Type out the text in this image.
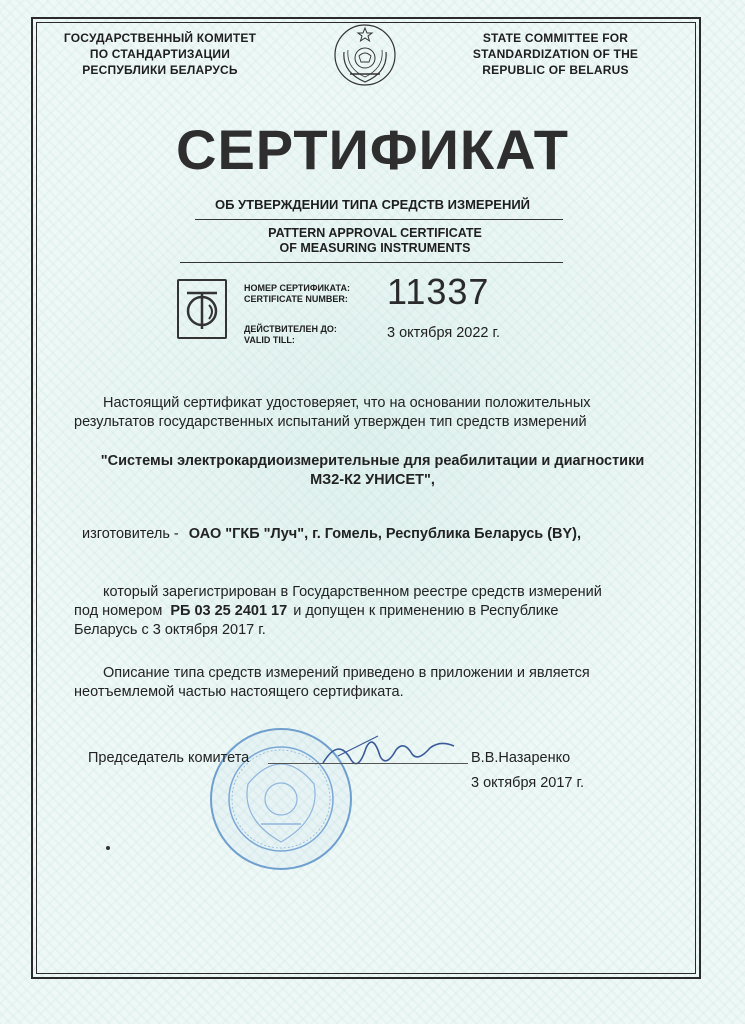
ГОСУДАРСТВЕННЫЙ КОМИТЕТ
ПО СТАНДАРТИЗАЦИИ
РЕСПУБЛИКИ БЕЛАРУСЬ
STATE COMMITTEE FOR
STANDARDIZATION OF THE
REPUBLIC OF BELARUS
СЕРТИФИКАТ
ОБ УТВЕРЖДЕНИИ ТИПА СРЕДСТВ ИЗМЕРЕНИЙ
PATTERN APPROVAL CERTIFICATE
OF MEASURING INSTRUMENTS
НОМЕР СЕРТИФИКАТА:
CERTIFICATE NUMBER: 11337
ДЕЙСТВИТЕЛЕН ДО:
VALID TILL:	3 октября 2022 г.
Настоящий сертификат удостоверяет, что на основании положительных
результатов государственных испытаний утвержден тип средств измерений
"Системы электрокардиоизмерительные для реабилитации и диагностики
МЗ2-К2 УНИСЕТ",
изготовитель - ОАО "ГКБ "Луч", г. Гомель, Республика Беларусь (BY),
который зарегистрирован в Государственном реестре средств измерений
под номером РБ 03 25 2401 17 и допущен к применению в Республике
Беларусь с 3 октября 2017 г.
Описание типа средств измерений приведено в приложении и является
неотъемлемой частью настоящего сертификата.
Председатель комитета	В.В.Назаренко
3 октября 2017 г.
